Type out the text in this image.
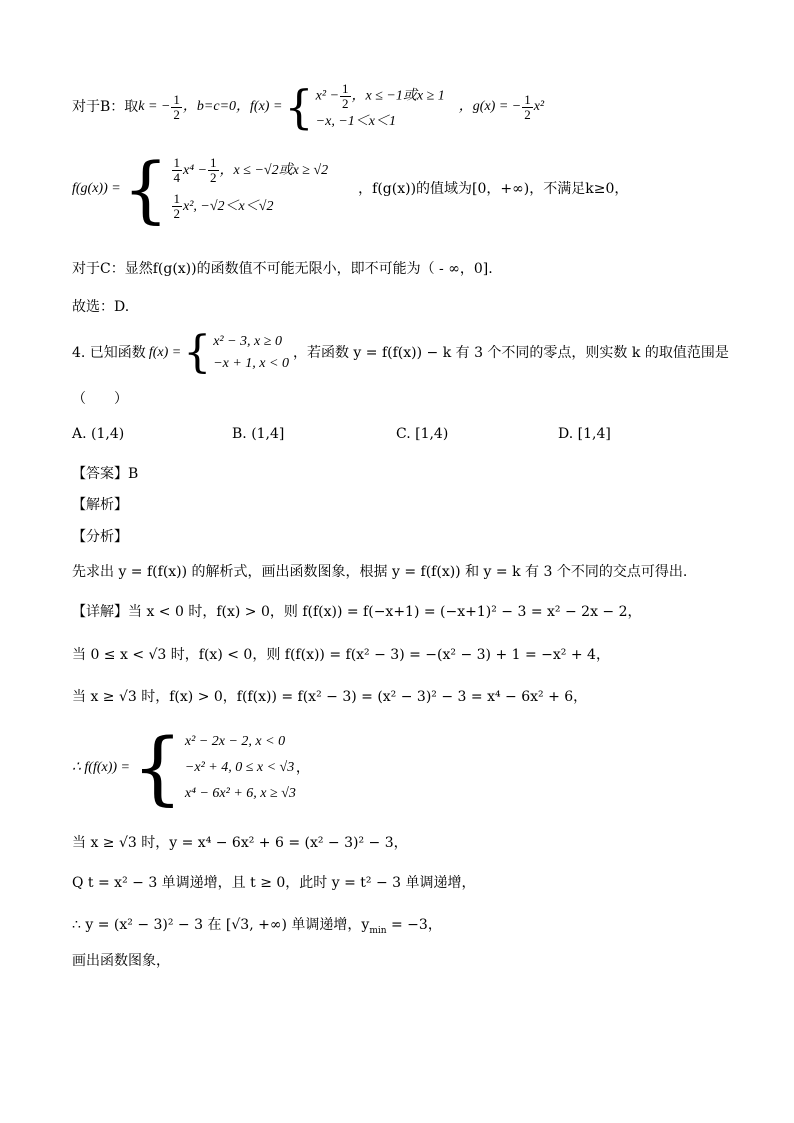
对于B：取 k = − $\frac{1}{2}$ ，b=c=0， f(x) = { $x^2 - \frac{1}{2}$ ，x ≤ −1或x ≥ 1
−x, −1＜x＜1
，g(x) = − $\frac{1}{2} x^2$
f(g(x)) = { $\frac{1}{4} x^4 - \frac{1}{2}$ ，x ≤ −√2或x ≥ √2
$\frac{1}{2} x^2$, −√2＜x＜√2
，f(g(x))的值域为[0，+∞)，不满足k≥0，
对于C：显然f(g(x))的函数值不可能无限小，即不可能为（ - ∞，0].
故选：D.
4. 已知函数 f(x) = { x² − 3, x ≥ 0
−x + 1, x < 0
，若函数 y = f(f(x)) − k 有 3 个不同的零点，则实数 k 的取值范围是
（　　）
A. (1,4)	B. (1,4]	C. [1,4)	D. [1,4]
【答案】B
【解析】
【分析】
先求出 y = f(f(x)) 的解析式，画出函数图象，根据 y = f(f(x)) 和 y = k 有 3 个不同的交点可得出.
【详解】当 x < 0 时，f(x) > 0，则 f(f(x)) = f(−x+1) = (−x+1)² − 3 = x² − 2x − 2，
当 0 ≤ x < √3 时，f(x) < 0，则 f(f(x)) = f(x² − 3) = −(x² − 3) + 1 = −x² + 4，
当 x ≥ √3 时，f(x) > 0，f(f(x)) = f(x² − 3) = (x² − 3)² − 3 = x⁴ − 6x² + 6，
∴ f(f(x)) = { x² − 2x − 2, x < 0
−x² + 4, 0 ≤ x < √3
x⁴ − 6x² + 6, x ≥ √3
，
当 x ≥ √3 时，y = x⁴ − 6x² + 6 = (x² − 3)² − 3，
Q t = x² − 3 单调递增，且 t ≥ 0，此时 y = t² − 3 单调递增，
∴ y = (x² − 3)² − 3 在 [√3, +∞) 单调递增，$y_{min} = -3$，
画出函数图象，
